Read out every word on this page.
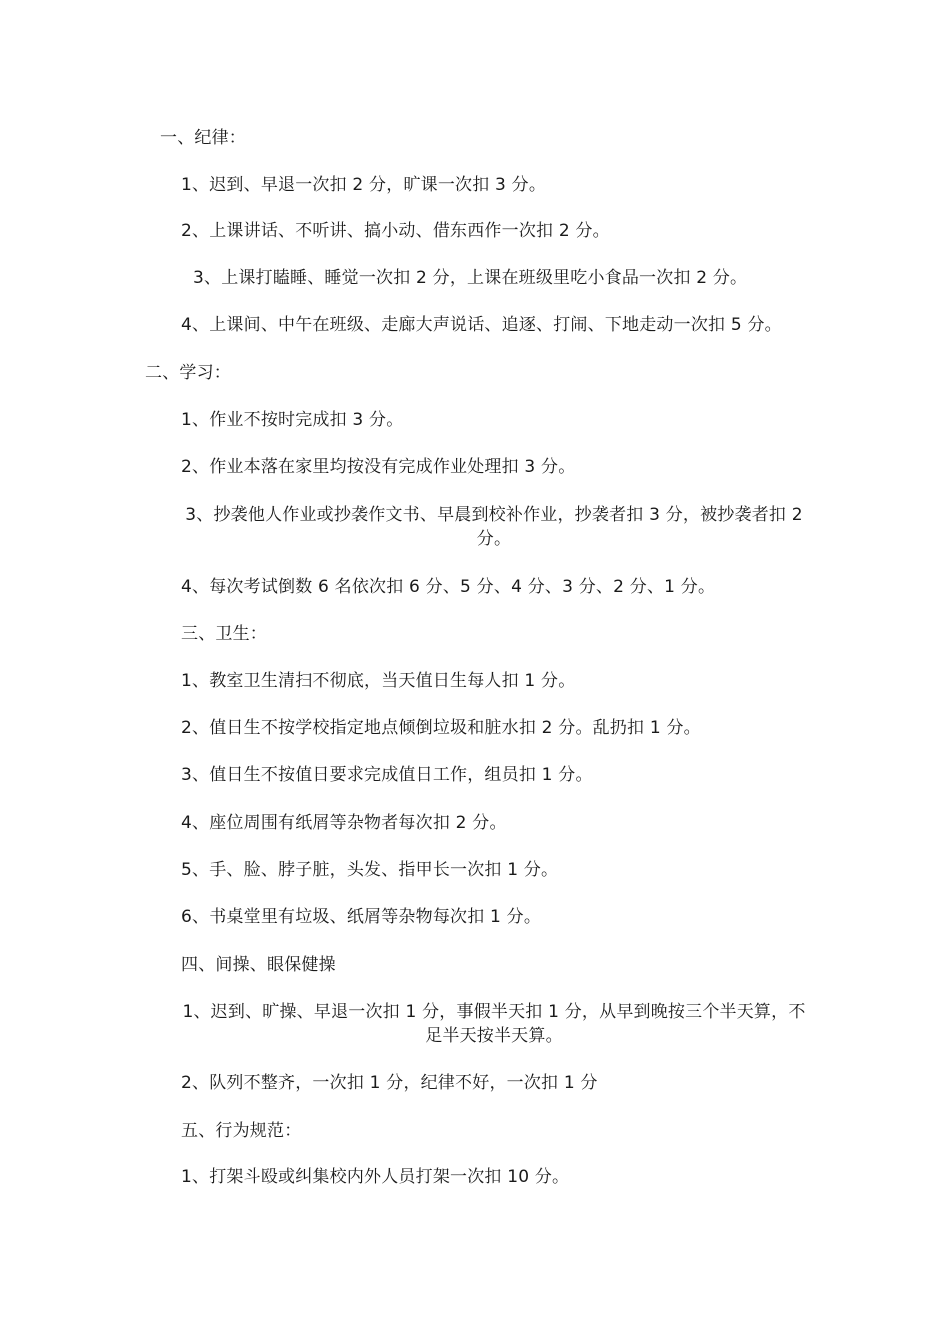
一、纪律：
1、迟到、早退一次扣 2 分，旷课一次扣 3 分。
2、上课讲话、不听讲、搞小动、借东西作一次扣 2 分。
3、上课打瞌睡、睡觉一次扣 2 分，上课在班级里吃小食品一次扣 2 分。
4、上课间、中午在班级、走廊大声说话、追逐、打闹、下地走动一次扣 5 分。
二、学习：
1、作业不按时完成扣 3 分。
2、作业本落在家里均按没有完成作业处理扣 3 分。
3、抄袭他人作业或抄袭作文书、早晨到校补作业，抄袭者扣 3 分，被抄袭者扣 2 分。
4、每次考试倒数 6 名依次扣 6 分、5 分、4 分、3 分、2 分、1 分。
三、卫生：
1、教室卫生清扫不彻底，当天值日生每人扣 1 分。
2、值日生不按学校指定地点倾倒垃圾和脏水扣 2 分。乱扔扣 1 分。
3、值日生不按值日要求完成值日工作，组员扣 1 分。
4、座位周围有纸屑等杂物者每次扣 2 分。
5、手、脸、脖子脏，头发、指甲长一次扣 1 分。
6、书桌堂里有垃圾、纸屑等杂物每次扣 1 分。
四、间操、眼保健操
1、迟到、旷操、早退一次扣 1 分，事假半天扣 1 分，从早到晚按三个半天算，不足半天按半天算。
2、队列不整齐，一次扣 1 分，纪律不好，一次扣 1 分
五、行为规范：
1、打架斗殴或纠集校内外人员打架一次扣 10 分。
